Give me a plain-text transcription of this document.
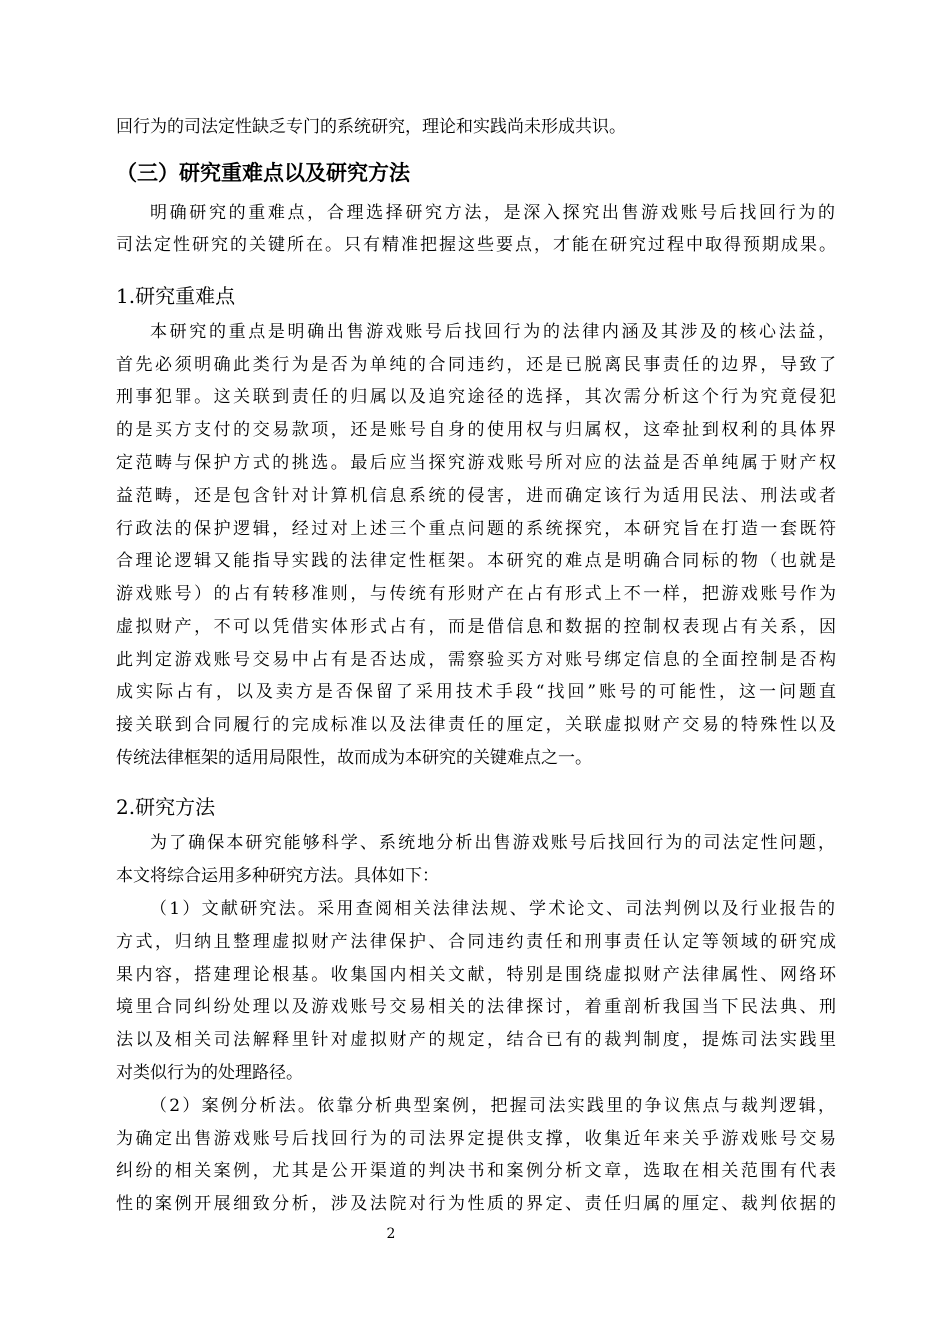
回行为的司法定性缺乏专门的系统研究，理论和实践尚未形成共识。
（三）研究重难点以及研究方法
明确研究的重难点，合理选择研究方法，是深入探究出售游戏账号后找回行为的
司法定性研究的关键所在。只有精准把握这些要点，才能在研究过程中取得预期成果。
1.研究重难点
本研究的重点是明确出售游戏账号后找回行为的法律内涵及其涉及的核心法益，
首先必须明确此类行为是否为单纯的合同违约，还是已脱离民事责任的边界，导致了
刑事犯罪。这关联到责任的归属以及追究途径的选择，其次需分析这个行为究竟侵犯
的是买方支付的交易款项，还是账号自身的使用权与归属权，这牵扯到权利的具体界
定范畴与保护方式的挑选。最后应当探究游戏账号所对应的法益是否单纯属于财产权
益范畴，还是包含针对计算机信息系统的侵害，进而确定该行为适用民法、刑法或者
行政法的保护逻辑，经过对上述三个重点问题的系统探究，本研究旨在打造一套既符
合理论逻辑又能指导实践的法律定性框架。本研究的难点是明确合同标的物（也就是
游戏账号）的占有转移准则，与传统有形财产在占有形式上不一样，把游戏账号作为
虚拟财产，不可以凭借实体形式占有，而是借信息和数据的控制权表现占有关系，因
此判定游戏账号交易中占有是否达成，需察验买方对账号绑定信息的全面控制是否构
成实际占有，以及卖方是否保留了采用技术手段“找回”账号的可能性，这一问题直
接关联到合同履行的完成标准以及法律责任的厘定，关联虚拟财产交易的特殊性以及
传统法律框架的适用局限性，故而成为本研究的关键难点之一。
2.研究方法
为了确保本研究能够科学、系统地分析出售游戏账号后找回行为的司法定性问题，
本文将综合运用多种研究方法。具体如下：
（1）文献研究法。采用查阅相关法律法规、学术论文、司法判例以及行业报告的
方式，归纳且整理虚拟财产法律保护、合同违约责任和刑事责任认定等领域的研究成
果内容，搭建理论根基。收集国内相关文献，特别是围绕虚拟财产法律属性、网络环
境里合同纠纷处理以及游戏账号交易相关的法律探讨，着重剖析我国当下民法典、刑
法以及相关司法解释里针对虚拟财产的规定，结合已有的裁判制度，提炼司法实践里
对类似行为的处理路径。
（2）案例分析法。依靠分析典型案例，把握司法实践里的争议焦点与裁判逻辑，
为确定出售游戏账号后找回行为的司法界定提供支撑，收集近年来关乎游戏账号交易
纠纷的相关案例，尤其是公开渠道的判决书和案例分析文章，选取在相关范围有代表
性的案例开展细致分析，涉及法院对行为性质的界定、责任归属的厘定、裁判依据的
2
